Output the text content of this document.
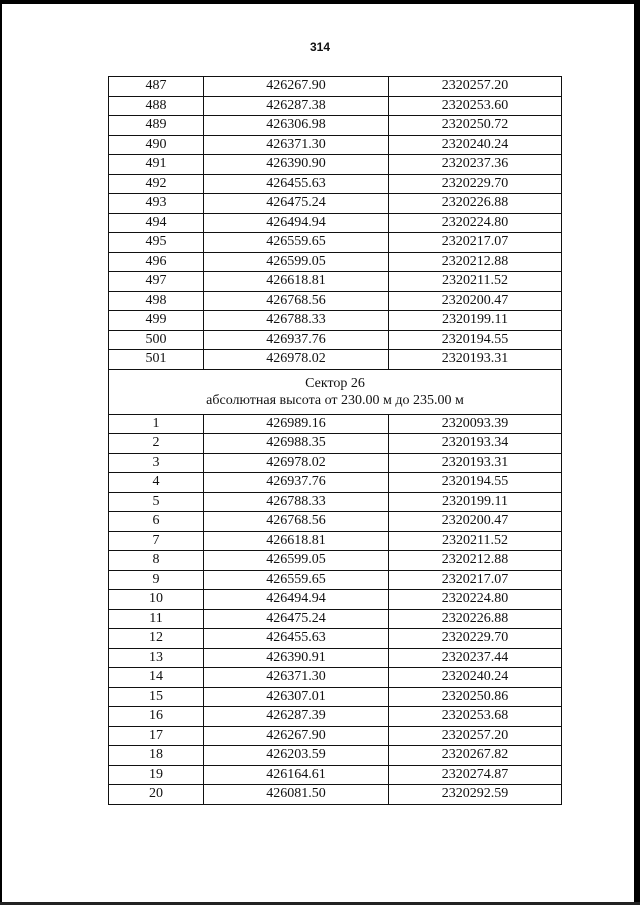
314
487	426267.90	2320257.20
488	426287.38	2320253.60
489	426306.98	2320250.72
490	426371.30	2320240.24
491	426390.90	2320237.36
492	426455.63	2320229.70
493	426475.24	2320226.88
494	426494.94	2320224.80
495	426559.65	2320217.07
496	426599.05	2320212.88
497	426618.81	2320211.52
498	426768.56	2320200.47
499	426788.33	2320199.11
500	426937.76	2320194.55
501	426978.02	2320193.31

Сектор 26
абсолютная высота от 230.00 м до 235.00 м		

1	426989.16	2320093.39
2	426988.35	2320193.34
3	426978.02	2320193.31
4	426937.76	2320194.55
5	426788.33	2320199.11
6	426768.56	2320200.47
7	426618.81	2320211.52
8	426599.05	2320212.88
9	426559.65	2320217.07
10	426494.94	2320224.80
11	426475.24	2320226.88
12	426455.63	2320229.70
13	426390.91	2320237.44
14	426371.30	2320240.24
15	426307.01	2320250.86
16	426287.39	2320253.68
17	426267.90	2320257.20
18	426203.59	2320267.82
19	426164.61	2320274.87
20	426081.50	2320292.59
